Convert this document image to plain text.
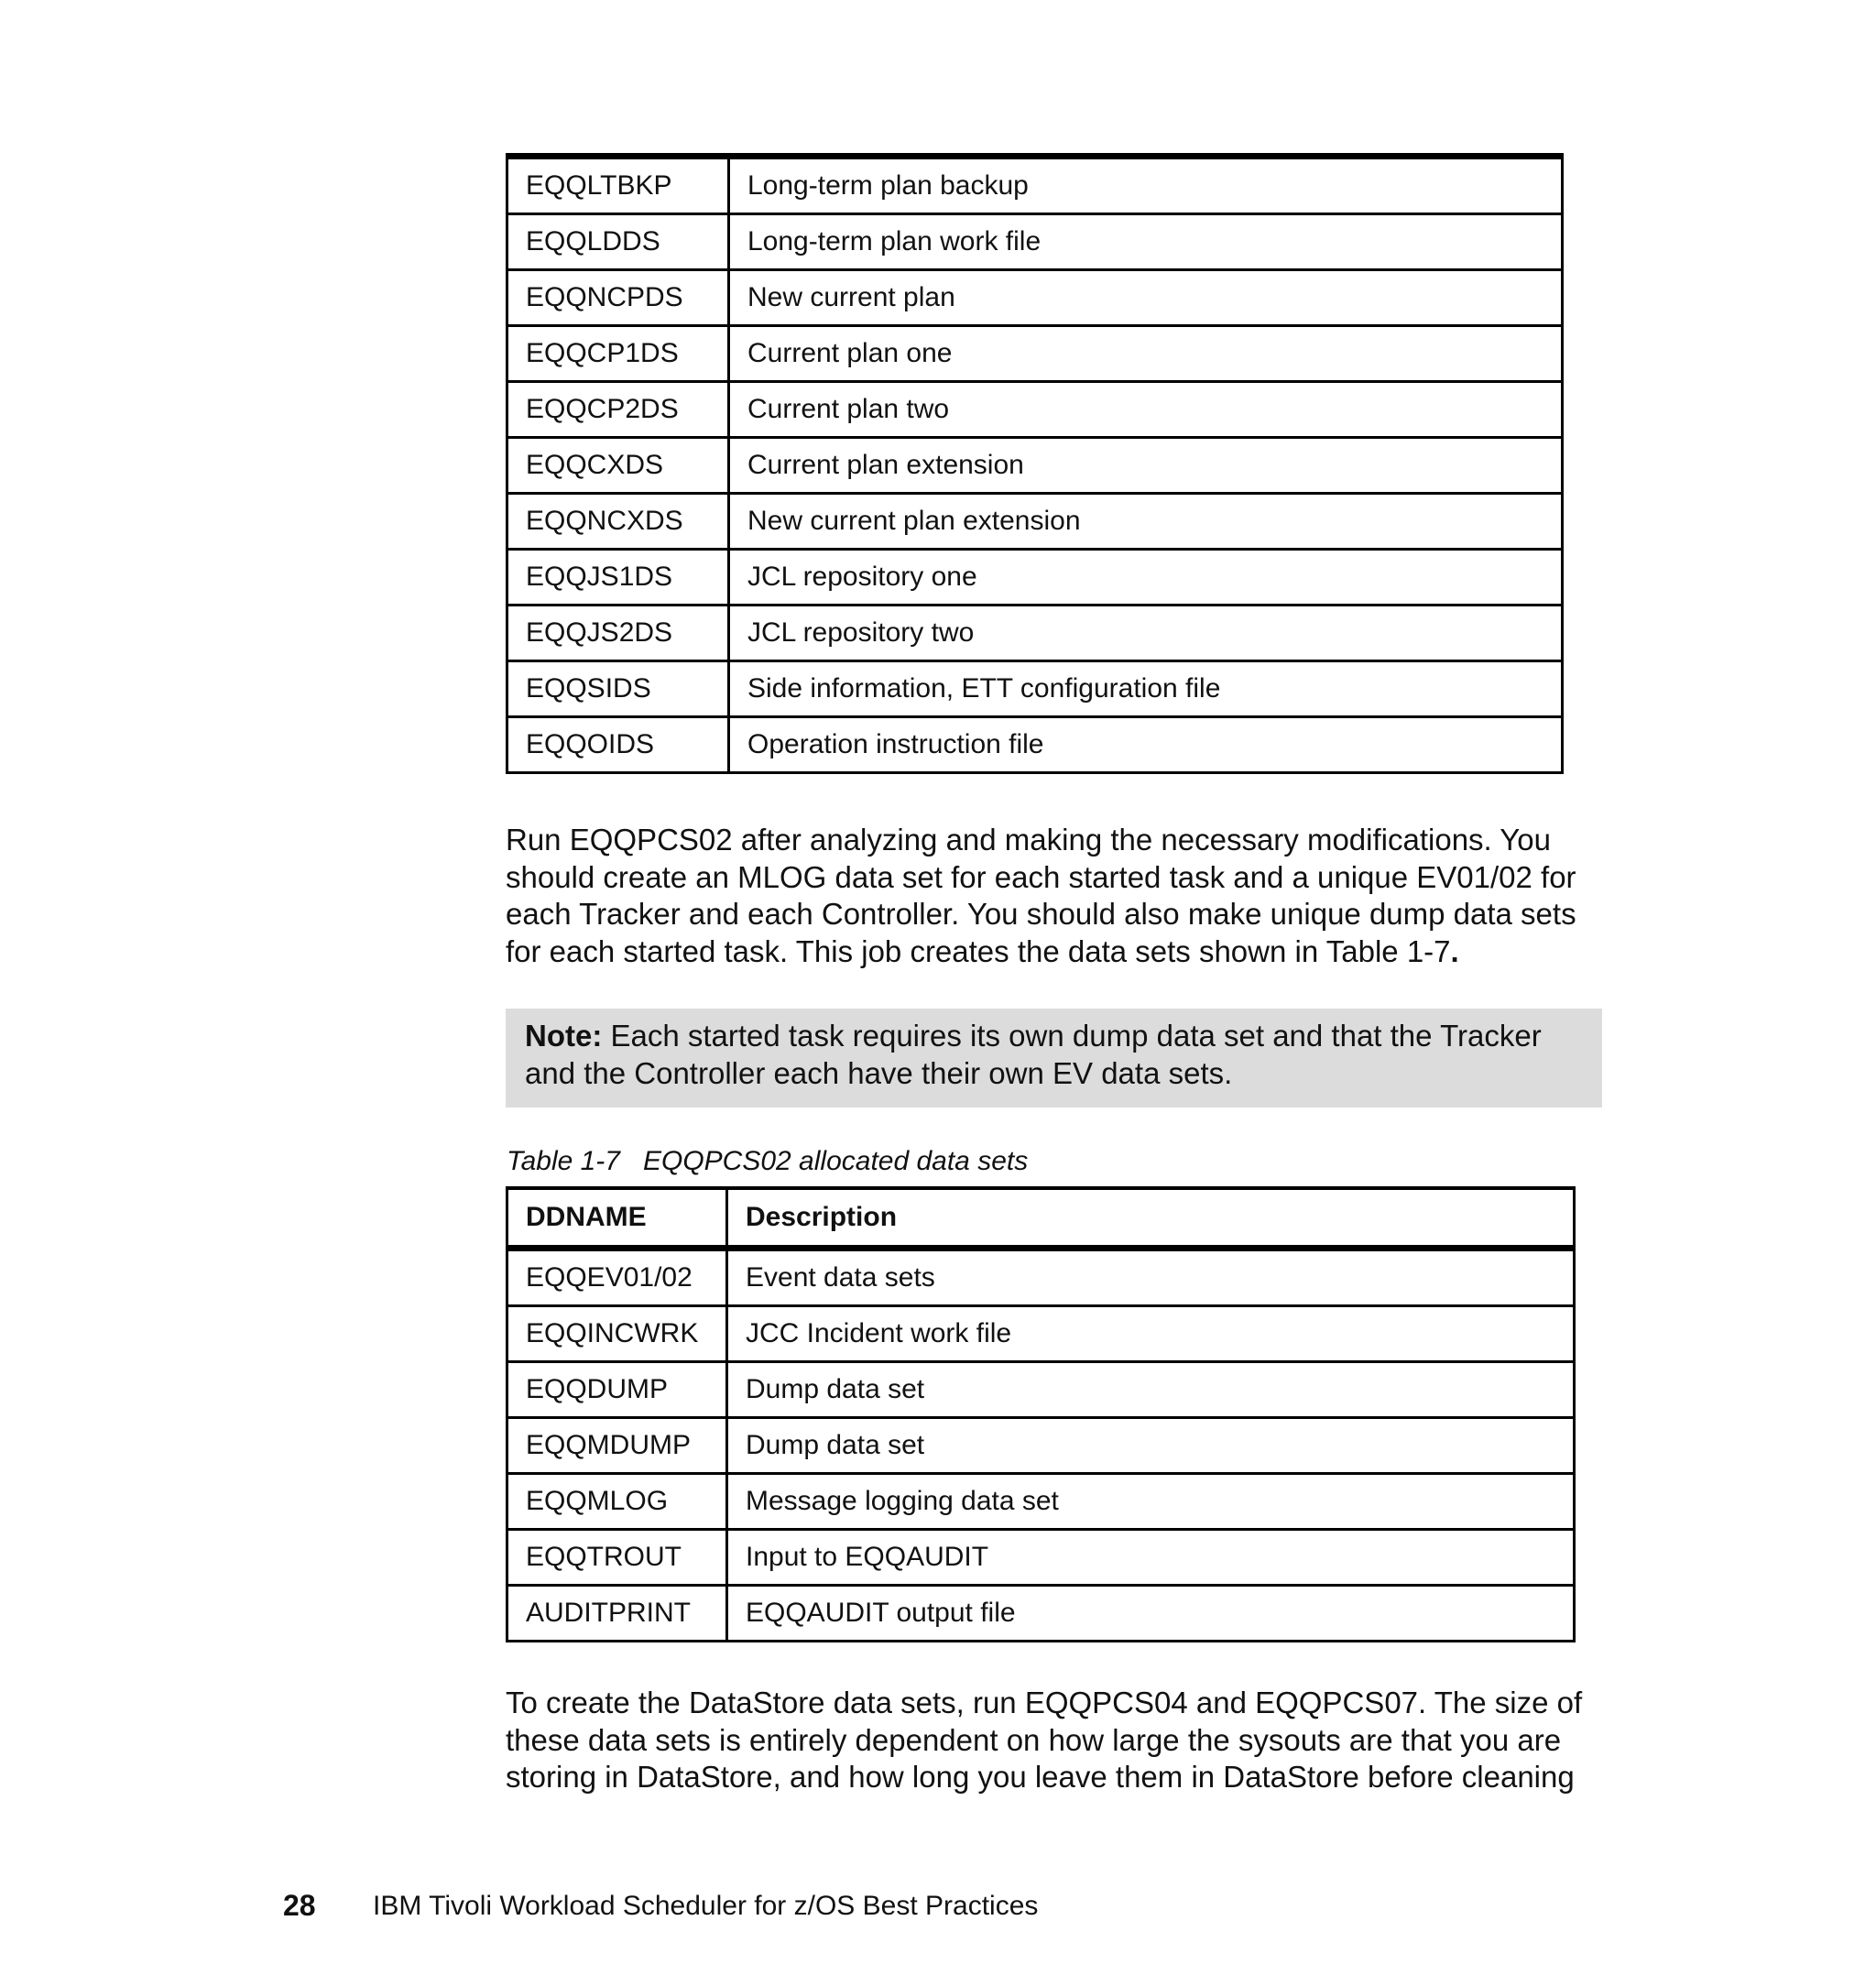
EQQLTBKP	Long-term plan backup
EQQLDDS	Long-term plan work file
EQQNCPDS	New current plan
EQQCP1DS	Current plan one
EQQCP2DS	Current plan two
EQQCXDS	Current plan extension
EQQNCXDS	New current plan extension
EQQJS1DS	JCL repository one
EQQJS2DS	JCL repository two
EQQSIDS	Side information, ETT configuration file
EQQOIDS	Operation instruction file

Run EQQPCS02 after analyzing and making the necessary modifications. You should create an MLOG data set for each started task and a unique EV01/02 for each Tracker and each Controller. You should also make unique dump data sets for each started task. This job creates the data sets shown in Table 1-7.

Note: Each started task requires its own dump data set and that the Tracker and the Controller each have their own EV data sets.

Table 1-7   EQQPCS02 allocated data sets
DDNAME	Description
EQQEV01/02	Event data sets
EQQINCWRK	JCC Incident work file
EQQDUMP	Dump data set
EQQMDUMP	Dump data set
EQQMLOG	Message logging data set
EQQTROUT	Input to EQQAUDIT
AUDITPRINT	EQQAUDIT output file

To create the DataStore data sets, run EQQPCS04 and EQQPCS07. The size of these data sets is entirely dependent on how large the sysouts are that you are storing in DataStore, and how long you leave them in DataStore before cleaning

28 IBM Tivoli Workload Scheduler for z/OS Best Practices
